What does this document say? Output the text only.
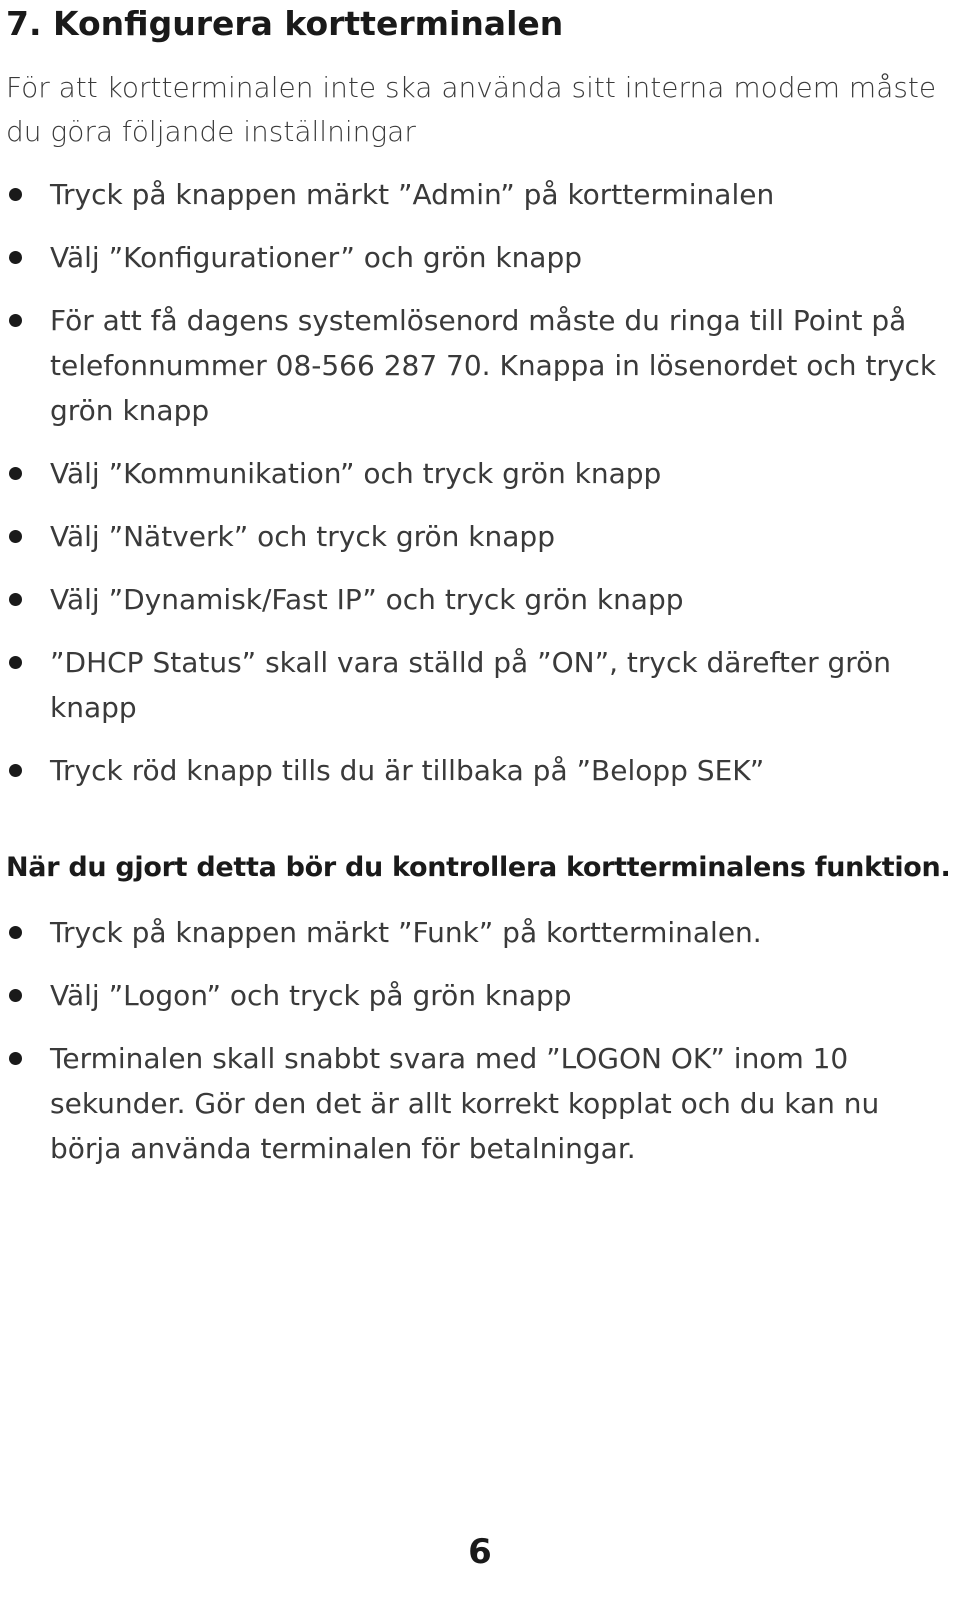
7. Konfigurera kortterminalen

För att kortterminalen inte ska använda sitt interna modem måste du göra följande inställningar

Tryck på knappen märkt ”Admin” på kortterminalen
Välj ”Konfigurationer” och grön knapp
För att få dagens systemlösenord måste du ringa till Point på telefonnummer 08-566 287 70. Knappa in lösenordet och tryck grön knapp
Välj ”Kommunikation” och tryck grön knapp
Välj ”Nätverk” och tryck grön knapp
Välj ”Dynamisk/Fast IP” och tryck grön knapp
”DHCP Status” skall vara ställd på ”ON”, tryck därefter grön knapp
Tryck röd knapp tills du är tillbaka på ”Belopp SEK”

När du gjort detta bör du kontrollera kortterminalens funktion.

Tryck på knappen märkt ”Funk” på kortterminalen.
Välj ”Logon” och tryck på grön knapp
Terminalen skall snabbt svara med ”LOGON OK” inom 10 sekunder. Gör den det är allt korrekt kopplat och du kan nu börja använda terminalen för betalningar.
6
